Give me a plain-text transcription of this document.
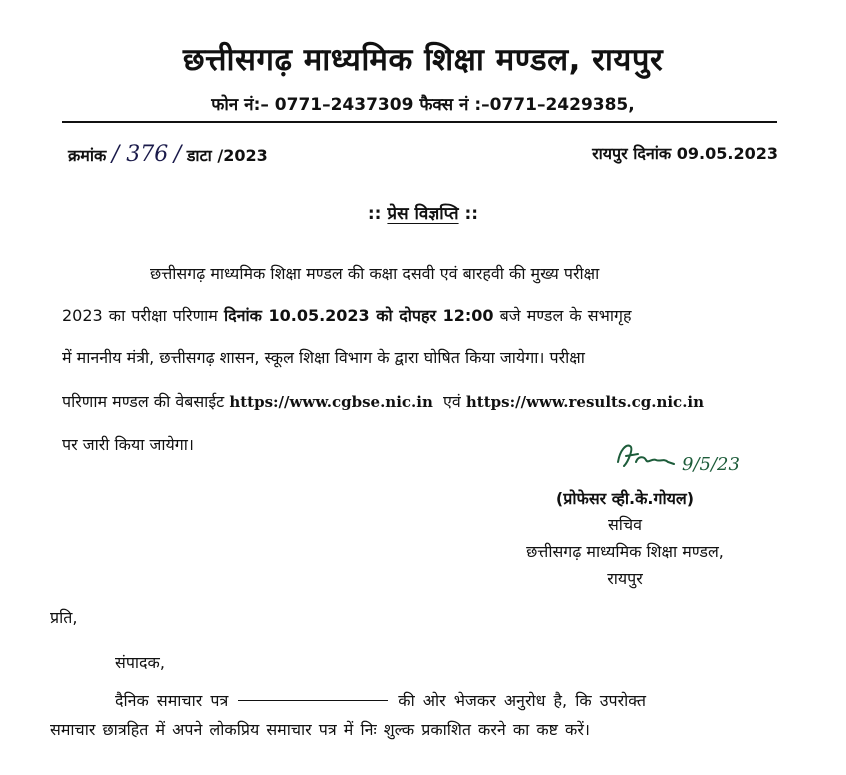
छत्तीसगढ़ माध्यमिक शिक्षा मण्डल, रायपुर
फोन नं:– 0771–2437309 फैक्स नं :–0771–2429385,
क्रमांक / 376 / डाटा /2023	रायपुर दिनांक 09.05.2023
:: प्रेस विज्ञप्ति ::
छत्तीसगढ़ माध्यमिक शिक्षा मण्डल की कक्षा दसवी एवं बारहवी की मुख्य परीक्षा
2023 का परीक्षा परिणाम दिनांक 10.05.2023 को दोपहर 12:00 बजे मण्डल के सभागृह
में माननीय मंत्री, छत्तीसगढ़ शासन, स्कूल शिक्षा विभाग के द्वारा घोषित किया जायेगा। परीक्षा
परिणाम मण्डल की वेबसाईट https://www.cgbse.nic.in एवं https://www.results.cg.nic.in
पर जारी किया जायेगा।
9/5/23
(प्रोफेसर व्ही.के.गोयल)
सचिव
छत्तीसगढ़ माध्यमिक शिक्षा मण्डल,
रायपुर
प्रति,
संपादक,
दैनिक समाचार पत्र	की ओर भेजकर अनुरोध है, कि उपरोक्त
समाचार छात्रहित में अपने लोकप्रिय समाचार पत्र में निः शुल्क प्रकाशित करने का कष्ट करें।
